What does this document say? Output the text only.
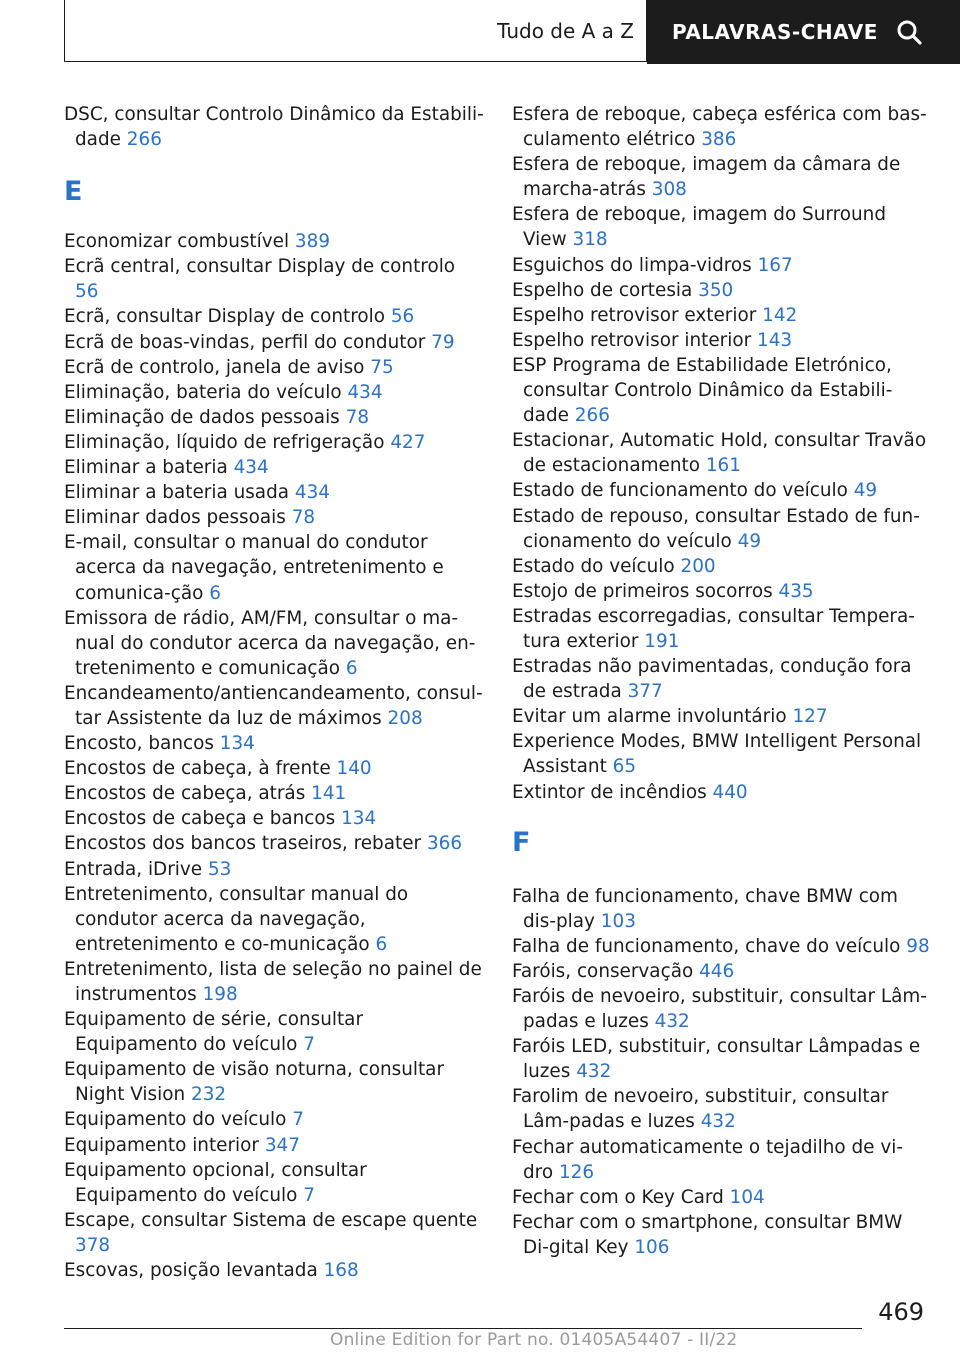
Tudo de A a Z PALAVRAS-CHAVE

DSC, consultar Controlo Dinâmico da Estabili‐dade 266

E

Economizar combustível 389

Ecrã central, consultar Display de controlo 56

Ecrã, consultar Display de controlo 56

Ecrã de boas-vindas, perfil do condutor 79

Ecrã de controlo, janela de aviso 75

Eliminação, bateria do veículo 434

Eliminação de dados pessoais 78

Eliminação, líquido de refrigeração 427

Eliminar a bateria 434

Eliminar a bateria usada 434

Eliminar dados pessoais 78

E-mail, consultar o manual do condutor acerca da navegação, entretenimento e comunica‐ção 6

Emissora de rádio, AM/FM, consultar o ma‐nual do condutor acerca da navegação, en‐tretenimento e comunicação 6

Encandeamento/antiencandeamento, consul‐tar Assistente da luz de máximos 208

Encosto, bancos 134

Encostos de cabeça, à frente 140

Encostos de cabeça, atrás 141

Encostos de cabeça e bancos 134

Encostos dos bancos traseiros, rebater 366

Entrada, iDrive 53

Entretenimento, consultar manual do condutor acerca da navegação, entretenimento e co‐municação 6

Entretenimento, lista de seleção no painel de instrumentos 198

Equipamento de série, consultar Equipamento do veículo 7

Equipamento de visão noturna, consultar Night Vision 232

Equipamento do veículo 7

Equipamento interior 347

Equipamento opcional, consultar Equipamento do veículo 7

Escape, consultar Sistema de escape quente 378

Escovas, posição levantada 168

Esfera de reboque, cabeça esférica com bas‐culamento elétrico 386

Esfera de reboque, imagem da câmara de marcha-atrás 308

Esfera de reboque, imagem do Surround View 318

Esguichos do limpa-vidros 167

Espelho de cortesia 350

Espelho retrovisor exterior 142

Espelho retrovisor interior 143

ESP Programa de Estabilidade Eletrónico, consultar Controlo Dinâmico da Estabili‐dade 266

Estacionar, Automatic Hold, consultar Travão de estacionamento 161

Estado de funcionamento do veículo 49

Estado de repouso, consultar Estado de fun‐cionamento do veículo 49

Estado do veículo 200

Estojo de primeiros socorros 435

Estradas escorregadias, consultar Tempera‐tura exterior 191

Estradas não pavimentadas, condução fora de estrada 377

Evitar um alarme involuntário 127

Experience Modes, BMW Intelligent Personal Assistant 65

Extintor de incêndios 440

F

Falha de funcionamento, chave BMW com dis‐play 103

Falha de funcionamento, chave do veículo 98

Faróis, conservação 446

Faróis de nevoeiro, substituir, consultar Lâm‐padas e luzes 432

Faróis LED, substituir, consultar Lâmpadas e luzes 432

Farolim de nevoeiro, substituir, consultar Lâm‐padas e luzes 432

Fechar automaticamente o tejadilho de vi‐dro 126

Fechar com o Key Card 104

Fechar com o smartphone, consultar BMW Di‐gital Key 106

469
Online Edition for Part no. 01405A54407 - II/22
